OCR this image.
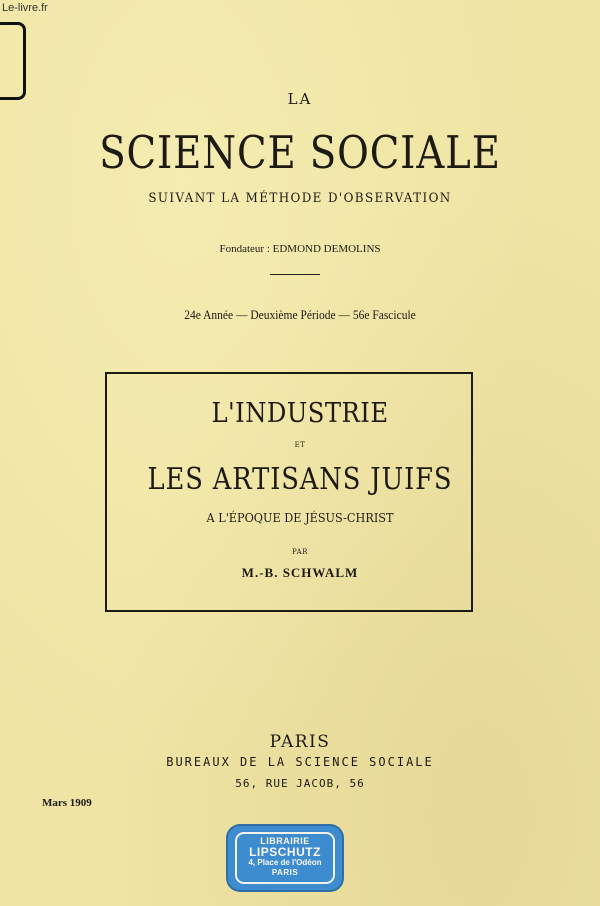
Le-livre.fr
LA
SCIENCE SOCIALE
SUIVANT LA MÉTHODE D'OBSERVATION
Fondateur : EDMOND DEMOLINS
24e Année — Deuxième Période — 56e Fascicule
L'INDUSTRIE
ET
LES ARTISANS JUIFS
A L'ÉPOQUE DE JÉSUS-CHRIST
PAR
M.-B. SCHWALM
PARIS
BUREAUX DE LA SCIENCE SOCIALE
56, RUE JACOB, 56
Mars 1909
LIBRAIRIE
LIPSCHUTZ
4, Place de l'Odéon
PARIS
